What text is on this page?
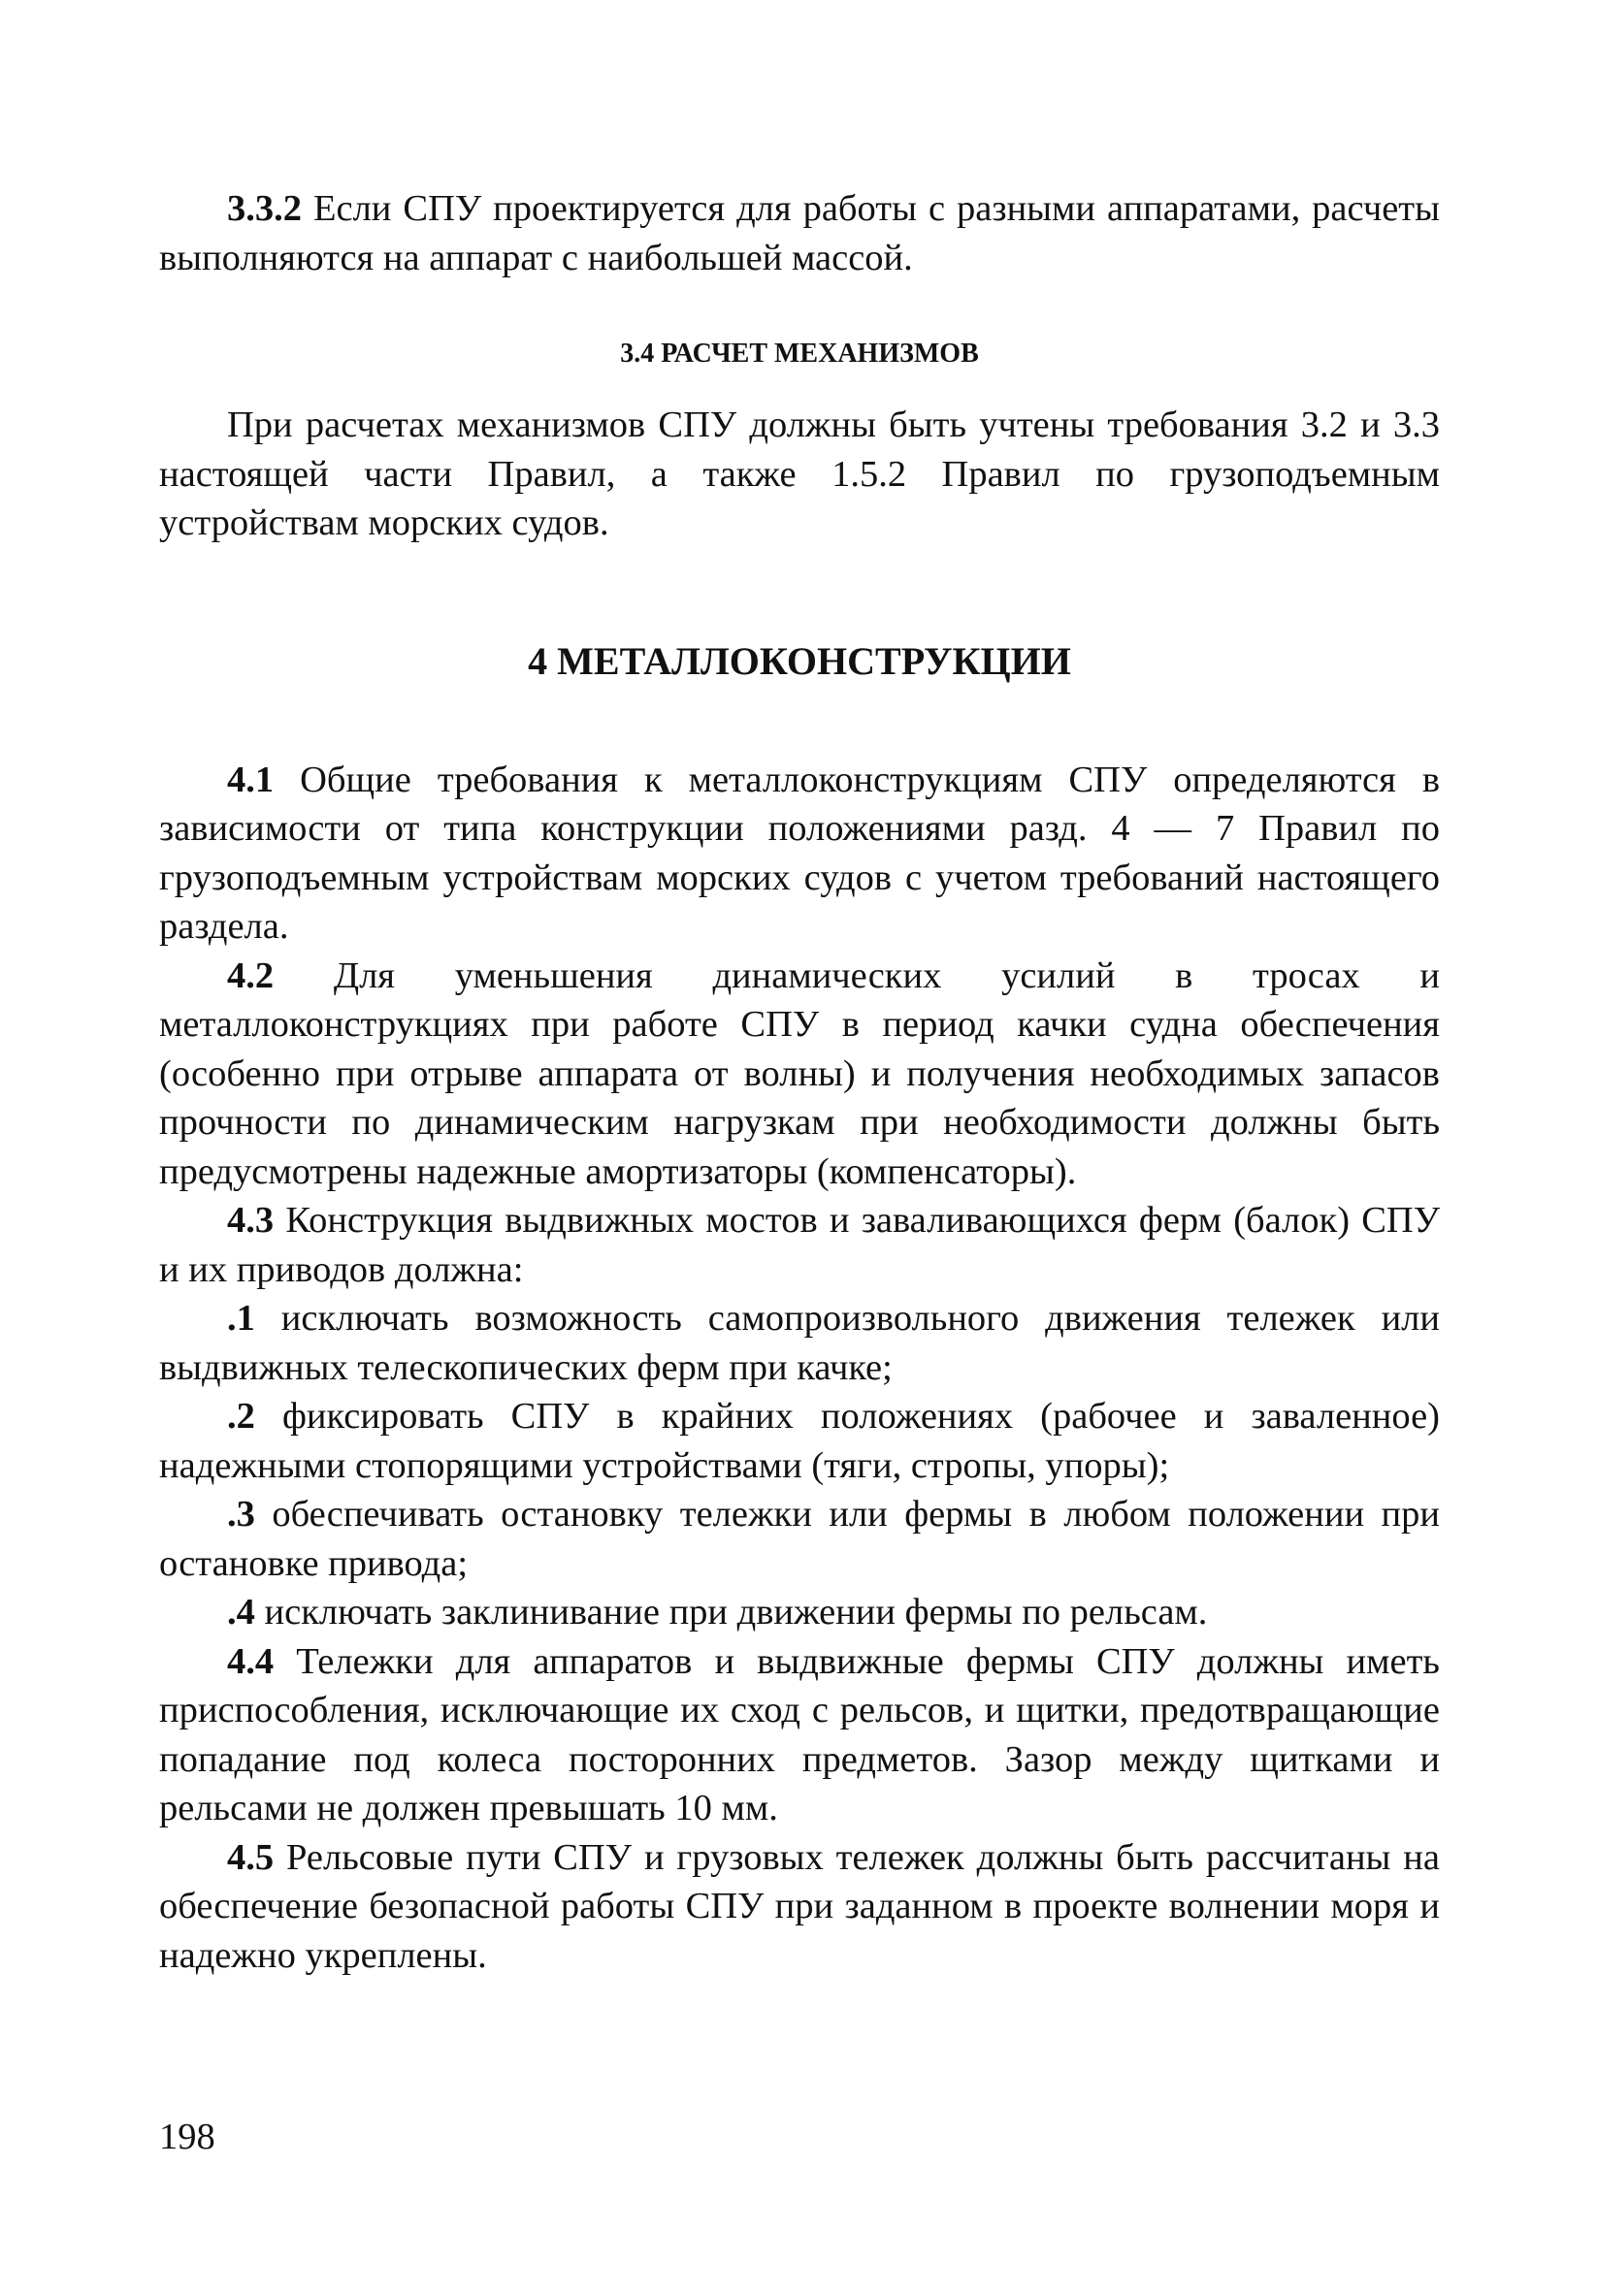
3.3.2 Если СПУ проектируется для работы с разными аппаратами, расчеты выполняются на аппарат с наибольшей массой.

3.4 РАСЧЕТ МЕХАНИЗМОВ

При расчетах механизмов СПУ должны быть учтены требования 3.2 и 3.3 настоящей части Правил, а также 1.5.2 Правил по грузоподъемным устройствам морских судов.

4 МЕТАЛЛОКОНСТРУКЦИИ

4.1 Общие требования к металлоконструкциям СПУ определяются в зависимости от типа конструкции положениями разд. 4 — 7 Правил по грузоподъемным устройствам морских судов с учетом требований настоящего раздела.

4.2 Для уменьшения динамических усилий в тросах и металлоконструкциях при работе СПУ в период качки судна обеспечения (особенно при отрыве аппарата от волны) и получения необходимых запасов прочности по динамическим нагрузкам при необходимости должны быть предусмотрены надежные амортизаторы (компенсаторы).

4.3 Конструкция выдвижных мостов и заваливающихся ферм (балок) СПУ и их приводов должна:

.1 исключать возможность самопроизвольного движения тележек или выдвижных телескопических ферм при качке;

.2 фиксировать СПУ в крайних положениях (рабочее и заваленное) надежными стопорящими устройствами (тяги, стропы, упоры);

.3 обеспечивать остановку тележки или фермы в любом положении при остановке привода;

.4 исключать заклинивание при движении фермы по рельсам.

4.4 Тележки для аппаратов и выдвижные фермы СПУ должны иметь приспособления, исключающие их сход с рельсов, и щитки, предотвращающие попадание под колеса посторонних предметов. Зазор между щитками и рельсами не должен превышать 10 мм.

4.5 Рельсовые пути СПУ и грузовых тележек должны быть рассчитаны на обеспечение безопасной работы СПУ при заданном в проекте волнении моря и надежно укреплены.

198
